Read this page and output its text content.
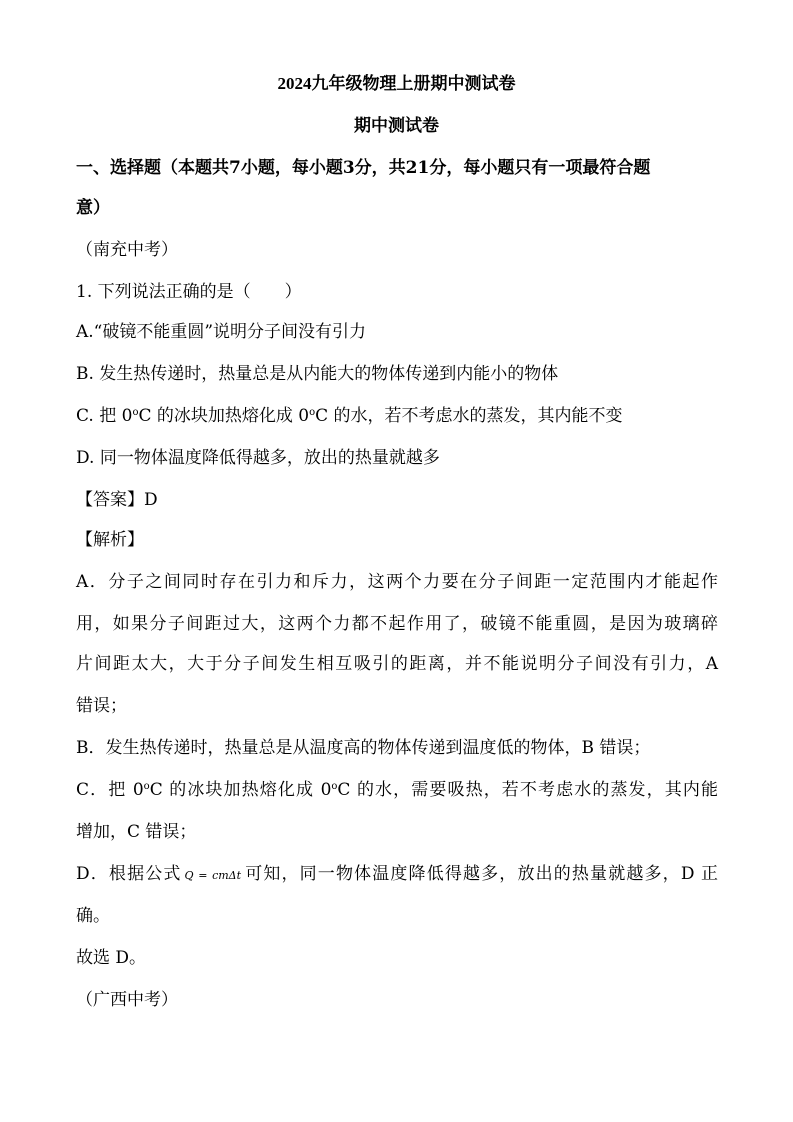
2024九年级物理上册期中测试卷
期中测试卷
一、选择题（本题共7小题，每小题3分，共21分，每小题只有一项最符合题
意）
（南充中考）
1. 下列说法正确的是（　　）
A.“破镜不能重圆”说明分子间没有引力
B. 发生热传递时，热量总是从内能大的物体传递到内能小的物体
C. 把 0$^o$C 的冰块加热熔化成 0$^o$C 的水，若不考虑水的蒸发，其内能不变
D. 同一物体温度降低得越多，放出的热量就越多
【答案】D
【解析】
A．分子之间同时存在引力和斥力，这两个力要在分子间距一定范围内才能起作
用，如果分子间距过大，这两个力都不起作用了，破镜不能重圆，是因为玻璃碎
片间距太大，大于分子间发生相互吸引的距离，并不能说明分子间没有引力，A
错误；
B．发生热传递时，热量总是从温度高的物体传递到温度低的物体，B 错误；
C．把 0$^o$C 的冰块加热熔化成 0$^o$C 的水，需要吸热，若不考虑水的蒸发，其内能
增加，C 错误；
D．根据公式 Q = cmΔt 可知，同一物体温度降低得越多，放出的热量就越多，D 正
确。
故选 D。
（广西中考）
